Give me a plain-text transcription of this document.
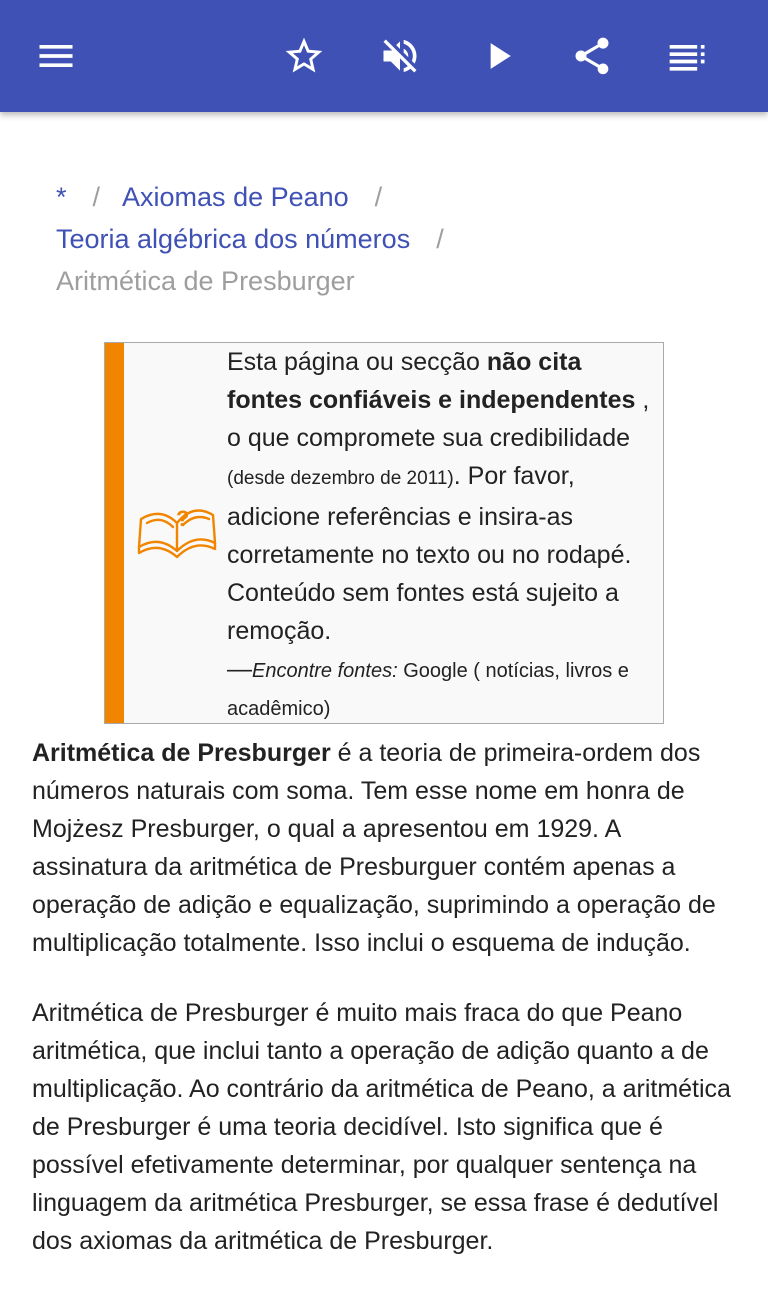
* / Axiomas de Peano /
Teoria algébrica dos números /
Aritmética de Presburger
?
Esta página ou secção não cita fontes confiáveis e independentes , o que compromete sua credibilidade (desde dezembro de 2011). Por favor, adicione referências e insira-as corretamente no texto ou no rodapé. Conteúdo sem fontes está sujeito a remoção.
—Encontre fontes: Google ( notícias, livros e acadêmico)

Aritmética de Presburger é a teoria de primeira-ordem dos números naturais com soma. Tem esse nome em honra de Mojżesz Presburger, o qual a apresentou em 1929. A assinatura da aritmética de Presburguer contém apenas a operação de adição e equalização, suprimindo a operação de multiplicação totalmente. Isso inclui o esquema de indução.

Aritmética de Presburger é muito mais fraca do que Peano aritmética, que inclui tanto a operação de adição quanto a de multiplicação. Ao contrário da aritmética de Peano, a aritmética de Presburger é uma teoria decidível. Isto significa que é possível efetivamente determinar, por qualquer sentença na linguagem da aritmética Presburger, se essa frase é dedutível dos axiomas da aritmética de Presburger.
